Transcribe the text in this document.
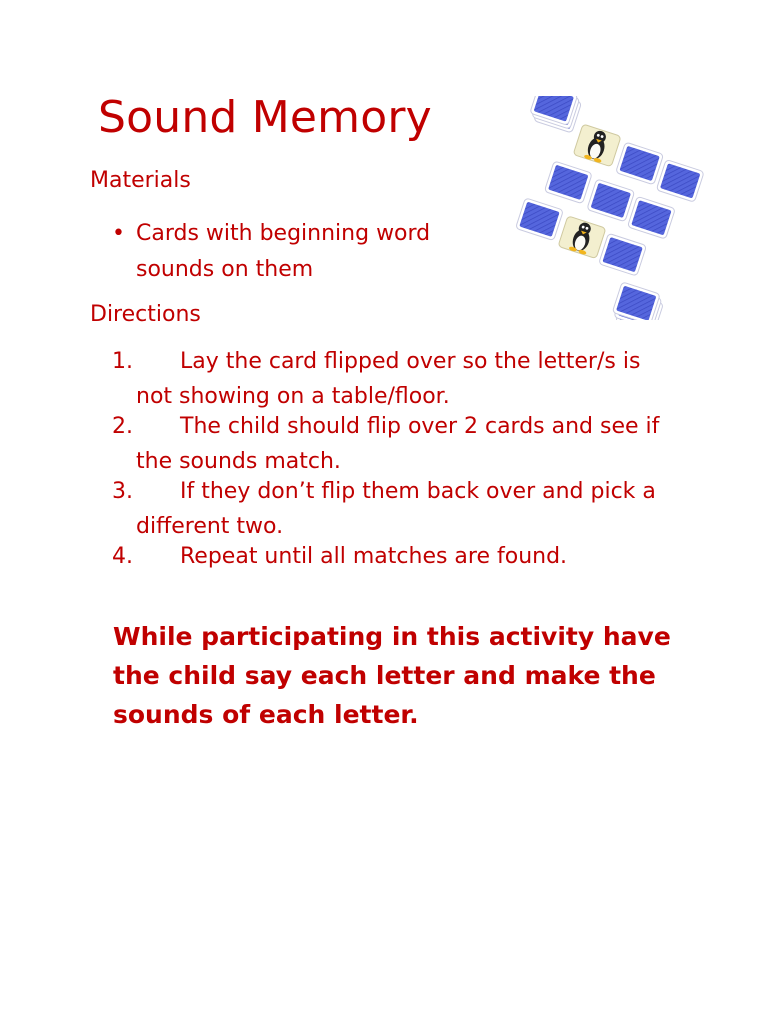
Sound Memory
Materials
• Cards with beginning word sounds on them
Directions
1. Lay the card flipped over so the letter/s is not showing on a table/floor.
2. The child should flip over 2 cards and see if the sounds match.
3. If they don’t flip them back over and pick a different two.
4. Repeat until all matches are found.

While participating in this activity have the child say each letter and make the sounds of each letter.
